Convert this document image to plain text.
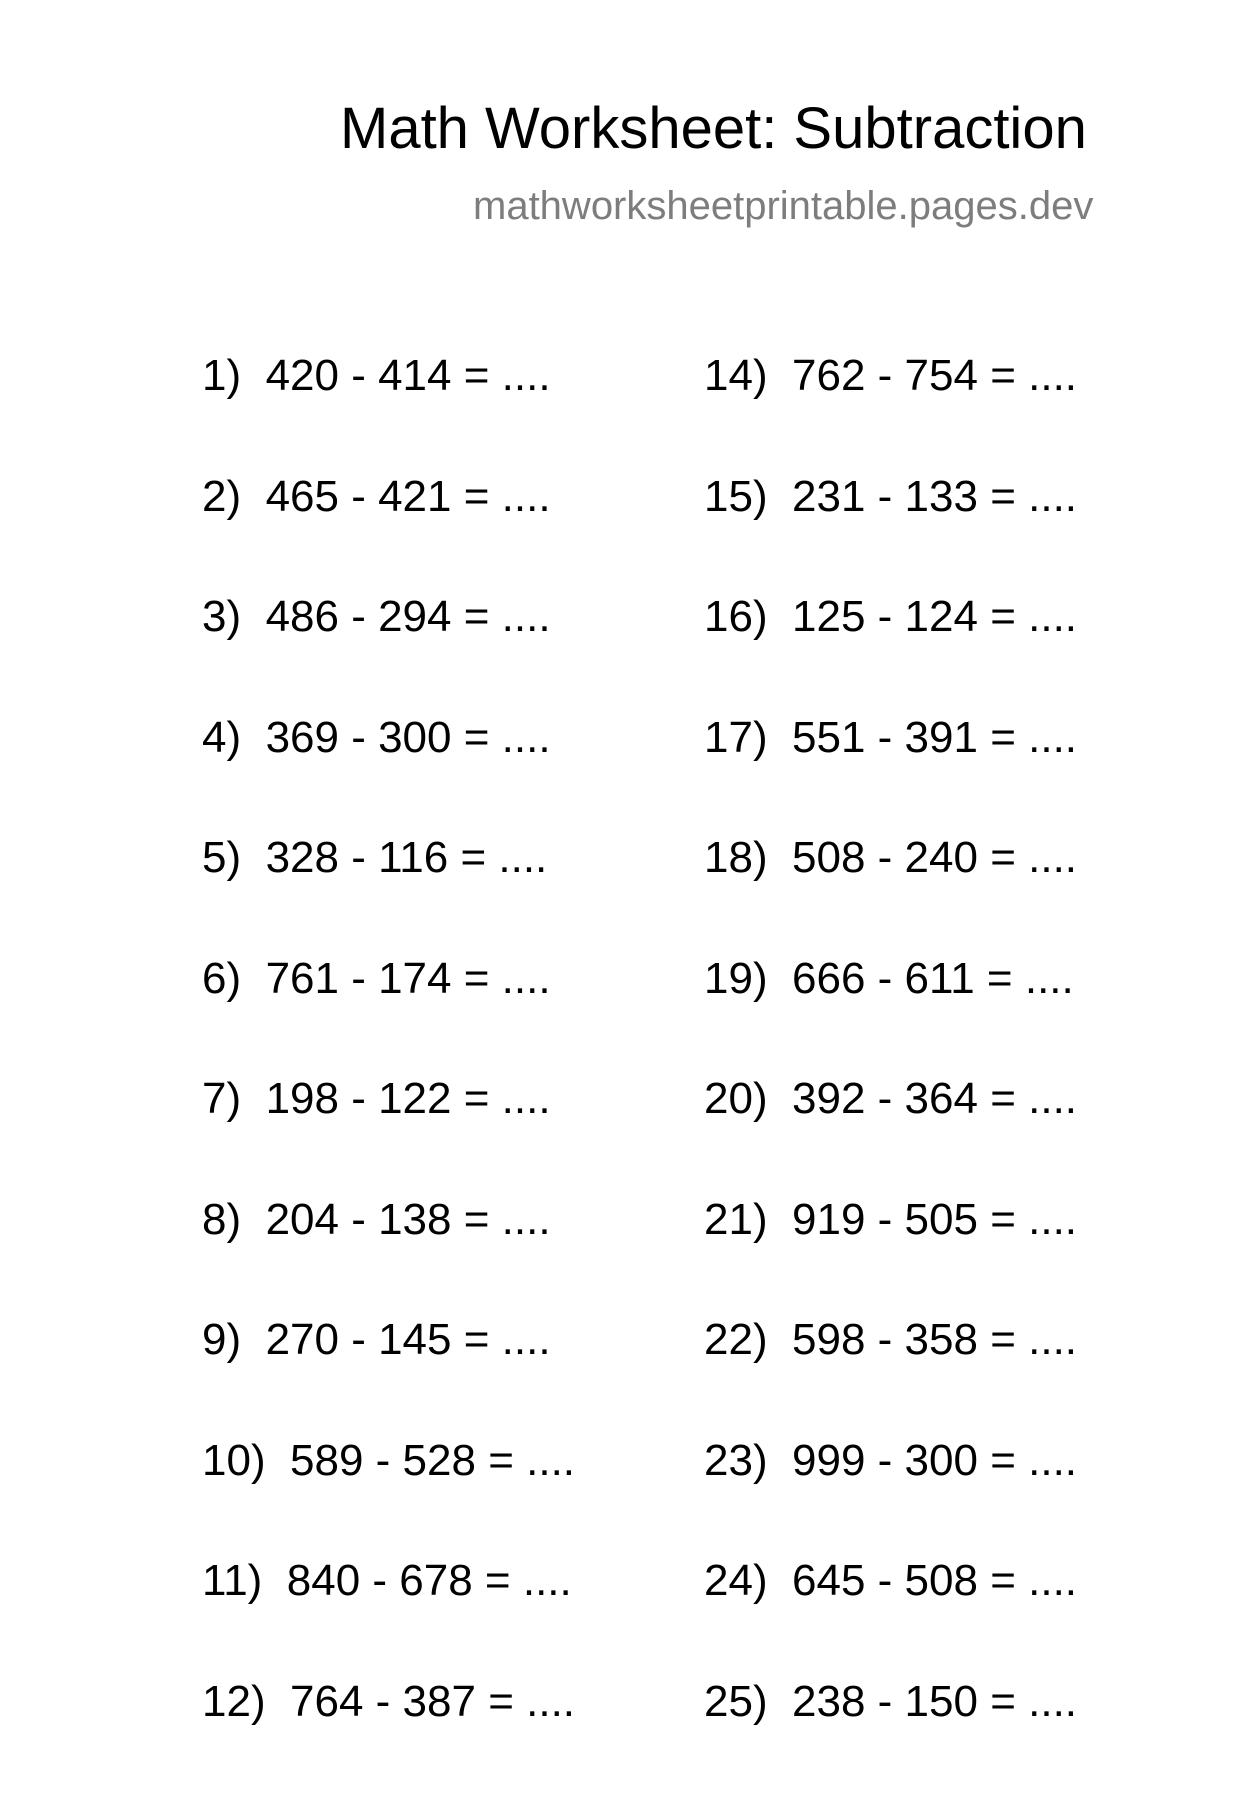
Math Worksheet: Subtraction
mathworksheetprintable.pages.dev
1)  420 - 414 = ....
2)  465 - 421 = ....
3)  486 - 294 = ....
4)  369 - 300 = ....
5)  328 - 116 = ....
6)  761 - 174 = ....
7)  198 - 122 = ....
8)  204 - 138 = ....
9)  270 - 145 = ....
10)  589 - 528 = ....
11)  840 - 678 = ....
12)  764 - 387 = ....
14)  762 - 754 = ....
15)  231 - 133 = ....
16)  125 - 124 = ....
17)  551 - 391 = ....
18)  508 - 240 = ....
19)  666 - 611 = ....
20)  392 - 364 = ....
21)  919 - 505 = ....
22)  598 - 358 = ....
23)  999 - 300 = ....
24)  645 - 508 = ....
25)  238 - 150 = ....
